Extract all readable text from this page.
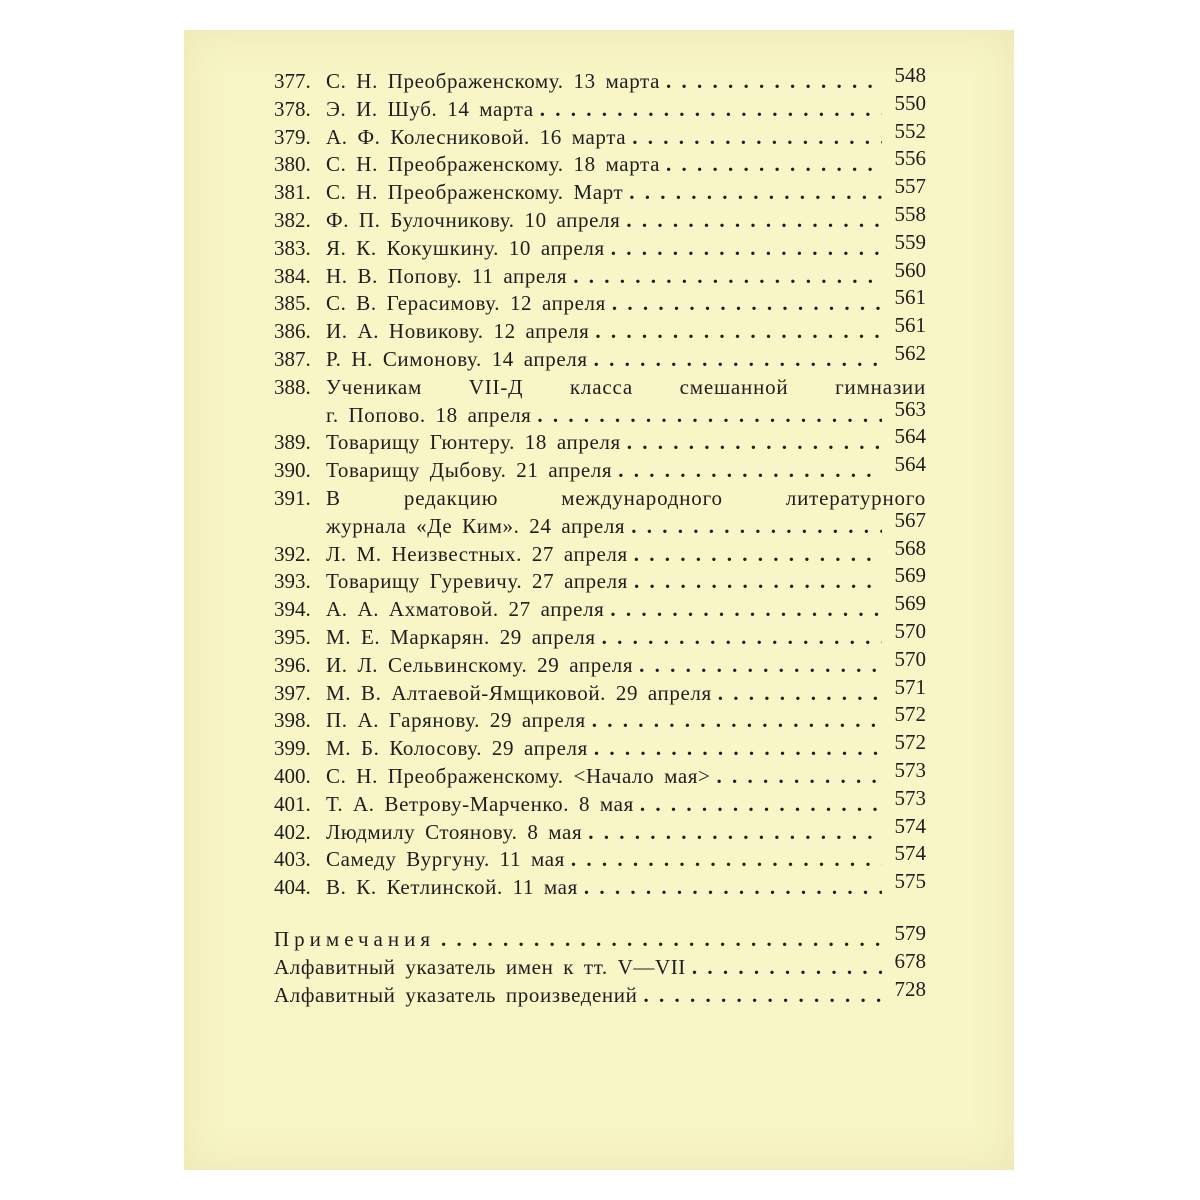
377. С. Н. Преображенскому. 13 марта . . .	548
378. Э. И. Шуб. 14 марта . . .	550
379. А. Ф. Колесниковой. 16 марта . . .	552
380. С. Н. Преображенскому. 18 марта . . .	556
381. С. Н. Преображенскому. Март . . .	557
382. Ф. П. Булочникову. 10 апреля . . .	558
383. Я. К. Кокушкину. 10 апреля . . .	559
384. Н. В. Попову. 11 апреля . . .	560
385. С. В. Герасимову. 12 апреля . . .	561
386. И. А. Новикову. 12 апреля . . .	561
387. Р. Н. Симонову. 14 апреля . . .	562
388. Ученикам VII-Д класса смешанной гимназии
г. Попово. 18 апреля . . .	563
389. Товарищу Гюнтеру. 18 апреля . . .	564
390. Товарищу Дыбову. 21 апреля . . .	564
391. В редакцию международного литературного
журнала «Де Ким». 24 апреля . . .	567
392. Л. М. Неизвестных. 27 апреля . . .	568
393. Товарищу Гуревичу. 27 апреля . . .	569
394. А. А. Ахматовой. 27 апреля . . .	569
395. М. Е. Маркарян. 29 апреля . . .	570
396. И. Л. Сельвинскому. 29 апреля . . .	570
397. М. В. Алтаевой-Ямщиковой. 29 апреля . . .	571
398. П. А. Гарянову. 29 апреля . . .	572
399. М. Б. Колосову. 29 апреля . . .	572
400. С. Н. Преображенскому. <Начало мая> . . .	573
401. Т. А. Ветрову-Марченко. 8 мая . . .	573
402. Людмилу Стоянову. 8 мая . . .	574
403. Самеду Вургуну. 11 мая . . .	574
404. В. К. Кетлинской. 11 мая . . .	575
Примечания . . .	579
Алфавитный указатель имен к тт. V—VII . . .	678
Алфавитный указатель произведений . . .	728
